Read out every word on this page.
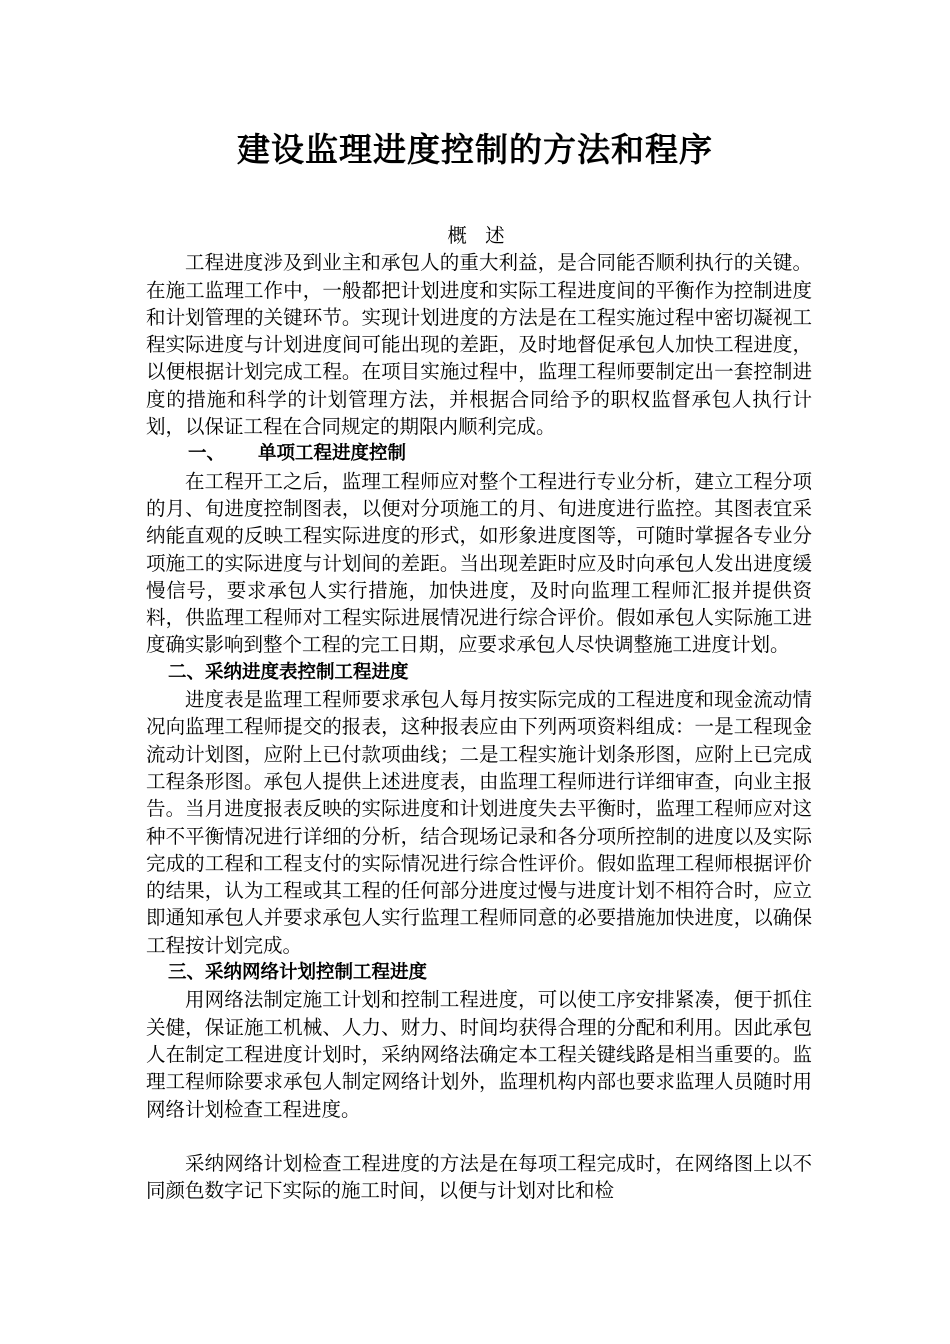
建设监理进度控制的方法和程序

概 述

工程进度涉及到业主和承包人的重大利益，是合同能否顺利执行的关键。在施工监理工作中，一般都把计划进度和实际工程进度间的平衡作为控制进度和计划管理的关键环节。实现计划进度的方法是在工程实施过程中密切凝视工程实际进度与计划进度间可能出现的差距，及时地督促承包人加快工程进度，以便根据计划完成工程。在项目实施过程中，监理工程师要制定出一套控制进度的措施和科学的计划管理方法，并根据合同给予的职权监督承包人执行计划，以保证工程在合同规定的期限内顺利完成。

一、 单项工程进度控制

在工程开工之后，监理工程师应对整个工程进行专业分析，建立工程分项的月、旬进度控制图表，以便对分项施工的月、旬进度进行监控。其图表宜采纳能直观的反映工程实际进度的形式，如形象进度图等，可随时掌握各专业分项施工的实际进度与计划间的差距。当出现差距时应及时向承包人发出进度缓慢信号，要求承包人实行措施，加快进度，及时向监理工程师汇报并提供资料，供监理工程师对工程实际进展情况进行综合评价。假如承包人实际施工进度确实影响到整个工程的完工日期，应要求承包人尽快调整施工进度计划。

二、采纳进度表控制工程进度

进度表是监理工程师要求承包人每月按实际完成的工程进度和现金流动情况向监理工程师提交的报表，这种报表应由下列两项资料组成：一是工程现金流动计划图，应附上已付款项曲线；二是工程实施计划条形图，应附上已完成工程条形图。承包人提供上述进度表，由监理工程师进行详细审查，向业主报告。当月进度报表反映的实际进度和计划进度失去平衡时，监理工程师应对这种不平衡情况进行详细的分析，结合现场记录和各分项所控制的进度以及实际完成的工程和工程支付的实际情况进行综合性评价。假如监理工程师根据评价的结果，认为工程或其工程的任何部分进度过慢与进度计划不相符合时，应立即通知承包人并要求承包人实行监理工程师同意的必要措施加快进度，以确保工程按计划完成。

三、采纳网络计划控制工程进度

用网络法制定施工计划和控制工程进度，可以使工序安排紧凑，便于抓住关健，保证施工机械、人力、财力、时间均获得合理的分配和利用。因此承包人在制定工程进度计划时，采纳网络法确定本工程关键线路是相当重要的。监理工程师除要求承包人制定网络计划外，监理机构内部也要求监理人员随时用网络计划检查工程进度。

采纳网络计划检查工程进度的方法是在每项工程完成时，在网络图上以不同颜色数字记下实际的施工时间，以便与计划对比和检
